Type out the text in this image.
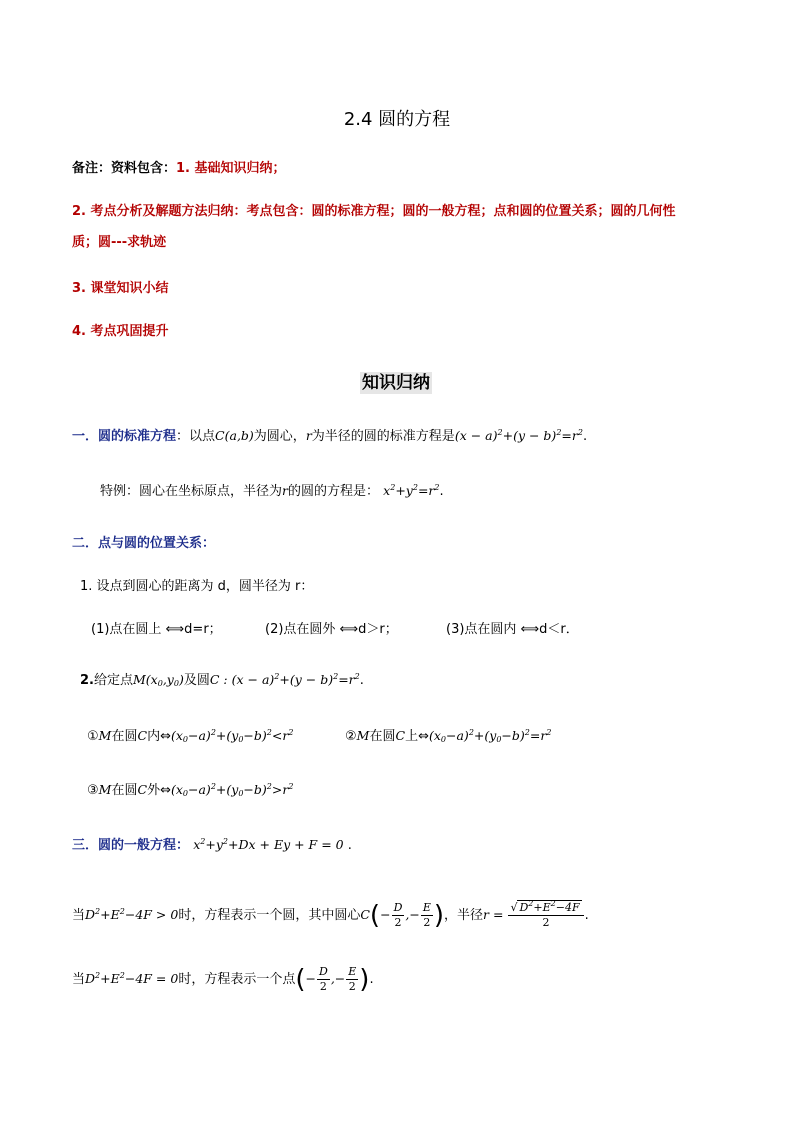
2.4 圆的方程
备注：资料包含：1. 基础知识归纳；
2. 考点分析及解题方法归纳：考点包含：圆的标准方程；圆的一般方程；点和圆的位置关系；圆的几何性
质；圆---求轨迹
3. 课堂知识小结
4. 考点巩固提升
知识归纳
一．圆的标准方程：以点C(a,b)为圆心，r为半径的圆的标准方程是$(x - a)^2+(y - b)^2=r^2$.
特例：圆心在坐标原点，半径为r的圆的方程是： $x^2+y^2=r^2$.
二．点与圆的位置关系：
1. 设点到圆心的距离为 d，圆半径为 r：
(1)点在圆上 ⟺d=r；	(2)点在圆外 ⟺d＞r；	(3)点在圆内 ⟺d＜r．
2.给定点$M(x_0,y_0)$及圆C : $(x - a)^2+(y - b)^2=r^2$.
①M在圆C内$\Leftrightarrow(x_0-a)^2+(y_0-b)^2<r^2$	②M在圆C上$\Leftrightarrow(x_0-a)^2+(y_0-b)^2=r^2$
③M在圆C外$\Leftrightarrow(x_0-a)^2+(y_0-b)^2>r^2$
三．圆的一般方程： $x^2+y^2+Dx + Ey + F = 0$ .
当$D^2+E^2-4F > 0$时，方程表示一个圆，其中圆心$C(- \frac{D}{2}$ ,− $\frac{E}{2}$ )，半径$r = \frac{√ D^2+E^2-4F}{2}$ .
当$D^2+E^2-4F = 0$时，方程表示一个点(− $\frac{D}{2}$ ,− $\frac{E}{2}$ ).
